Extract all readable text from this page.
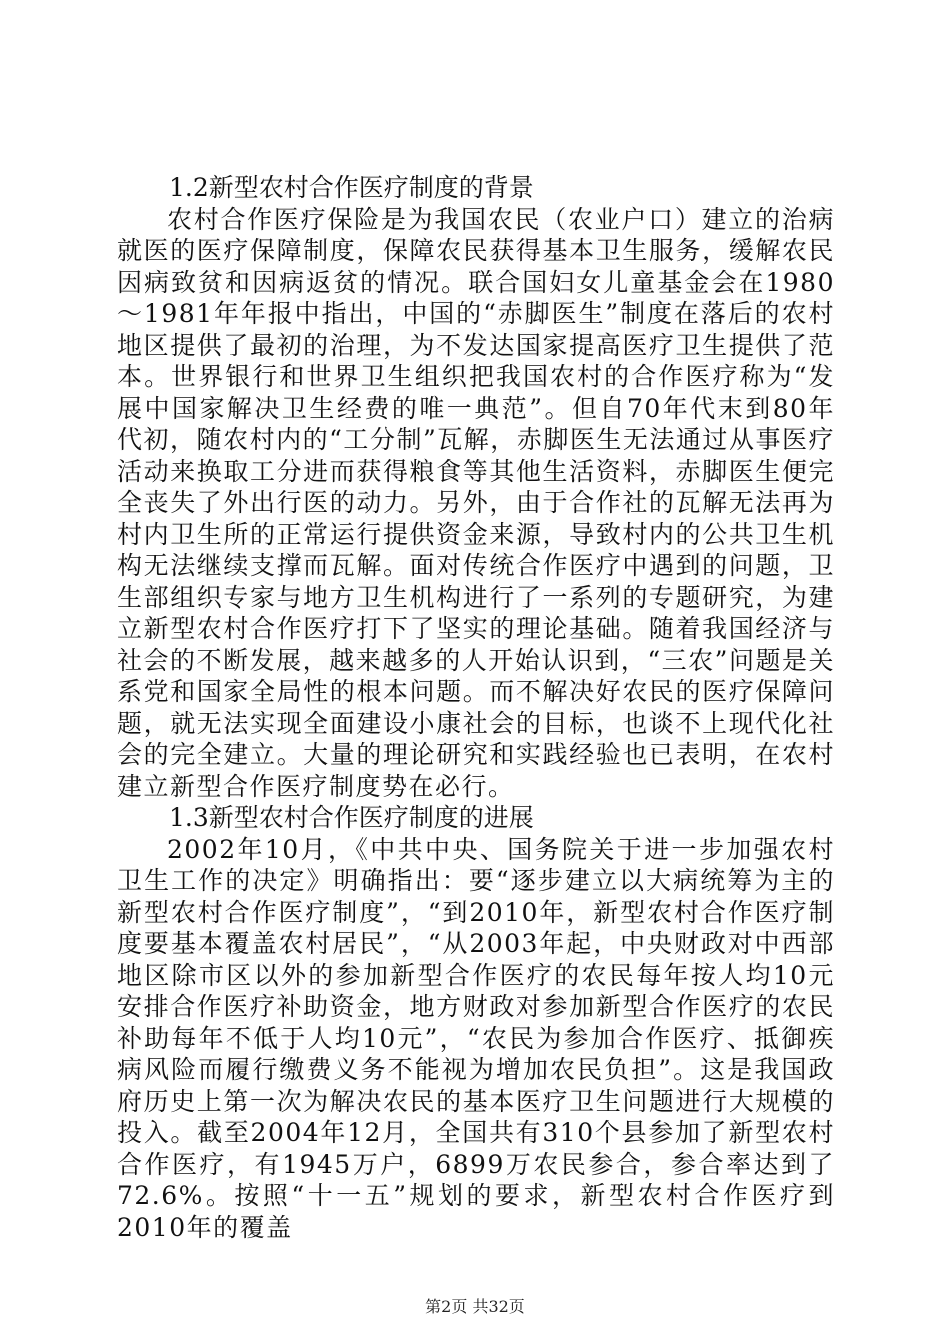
1.2新型农村合作医疗制度的背景
农村合作医疗保险是为我国农民（农业户口）建立的治病就医的医疗保障制度，保障农民获得基本卫生服务，缓解农民因病致贫和因病返贫的情况。联合国妇女儿童基金会在1980～1981年年报中指出，中国的“赤脚医生”制度在落后的农村地区提供了最初的治理，为不发达国家提高医疗卫生提供了范本。世界银行和世界卫生组织把我国农村的合作医疗称为“发展中国家解决卫生经费的唯一典范”。但自70年代末到80年代初，随农村内的“工分制”瓦解，赤脚医生无法通过从事医疗活动来换取工分进而获得粮食等其他生活资料，赤脚医生便完全丧失了外出行医的动力。另外，由于合作社的瓦解无法再为村内卫生所的正常运行提供资金来源，导致村内的公共卫生机构无法继续支撑而瓦解。面对传统合作医疗中遇到的问题，卫生部组织专家与地方卫生机构进行了一系列的专题研究，为建立新型农村合作医疗打下了坚实的理论基础。随着我国经济与社会的不断发展，越来越多的人开始认识到，“三农”问题是关系党和国家全局性的根本问题。而不解决好农民的医疗保障问题，就无法实现全面建设小康社会的目标，也谈不上现代化社会的完全建立。大量的理论研究和实践经验也已表明，在农村建立新型合作医疗制度势在必行。
1.3新型农村合作医疗制度的进展
2002年10月，《中共中央、国务院关于进一步加强农村卫生工作的决定》明确指出：要“逐步建立以大病统筹为主的新型农村合作医疗制度”，“到2010年，新型农村合作医疗制度要基本覆盖农村居民”，“从2003年起，中央财政对中西部地区除市区以外的参加新型合作医疗的农民每年按人均10元安排合作医疗补助资金，地方财政对参加新型合作医疗的农民补助每年不低于人均10元”，“农民为参加合作医疗、抵御疾病风险而履行缴费义务不能视为增加农民负担”。这是我国政府历史上第一次为解决农民的基本医疗卫生问题进行大规模的投入。截至2004年12月，全国共有310个县参加了新型农村合作医疗，有1945万户，6899万农民参合，参合率达到了72.6%。按照“十一五”规划的要求，新型农村合作医疗到2010年的覆盖
第2页 共32页
